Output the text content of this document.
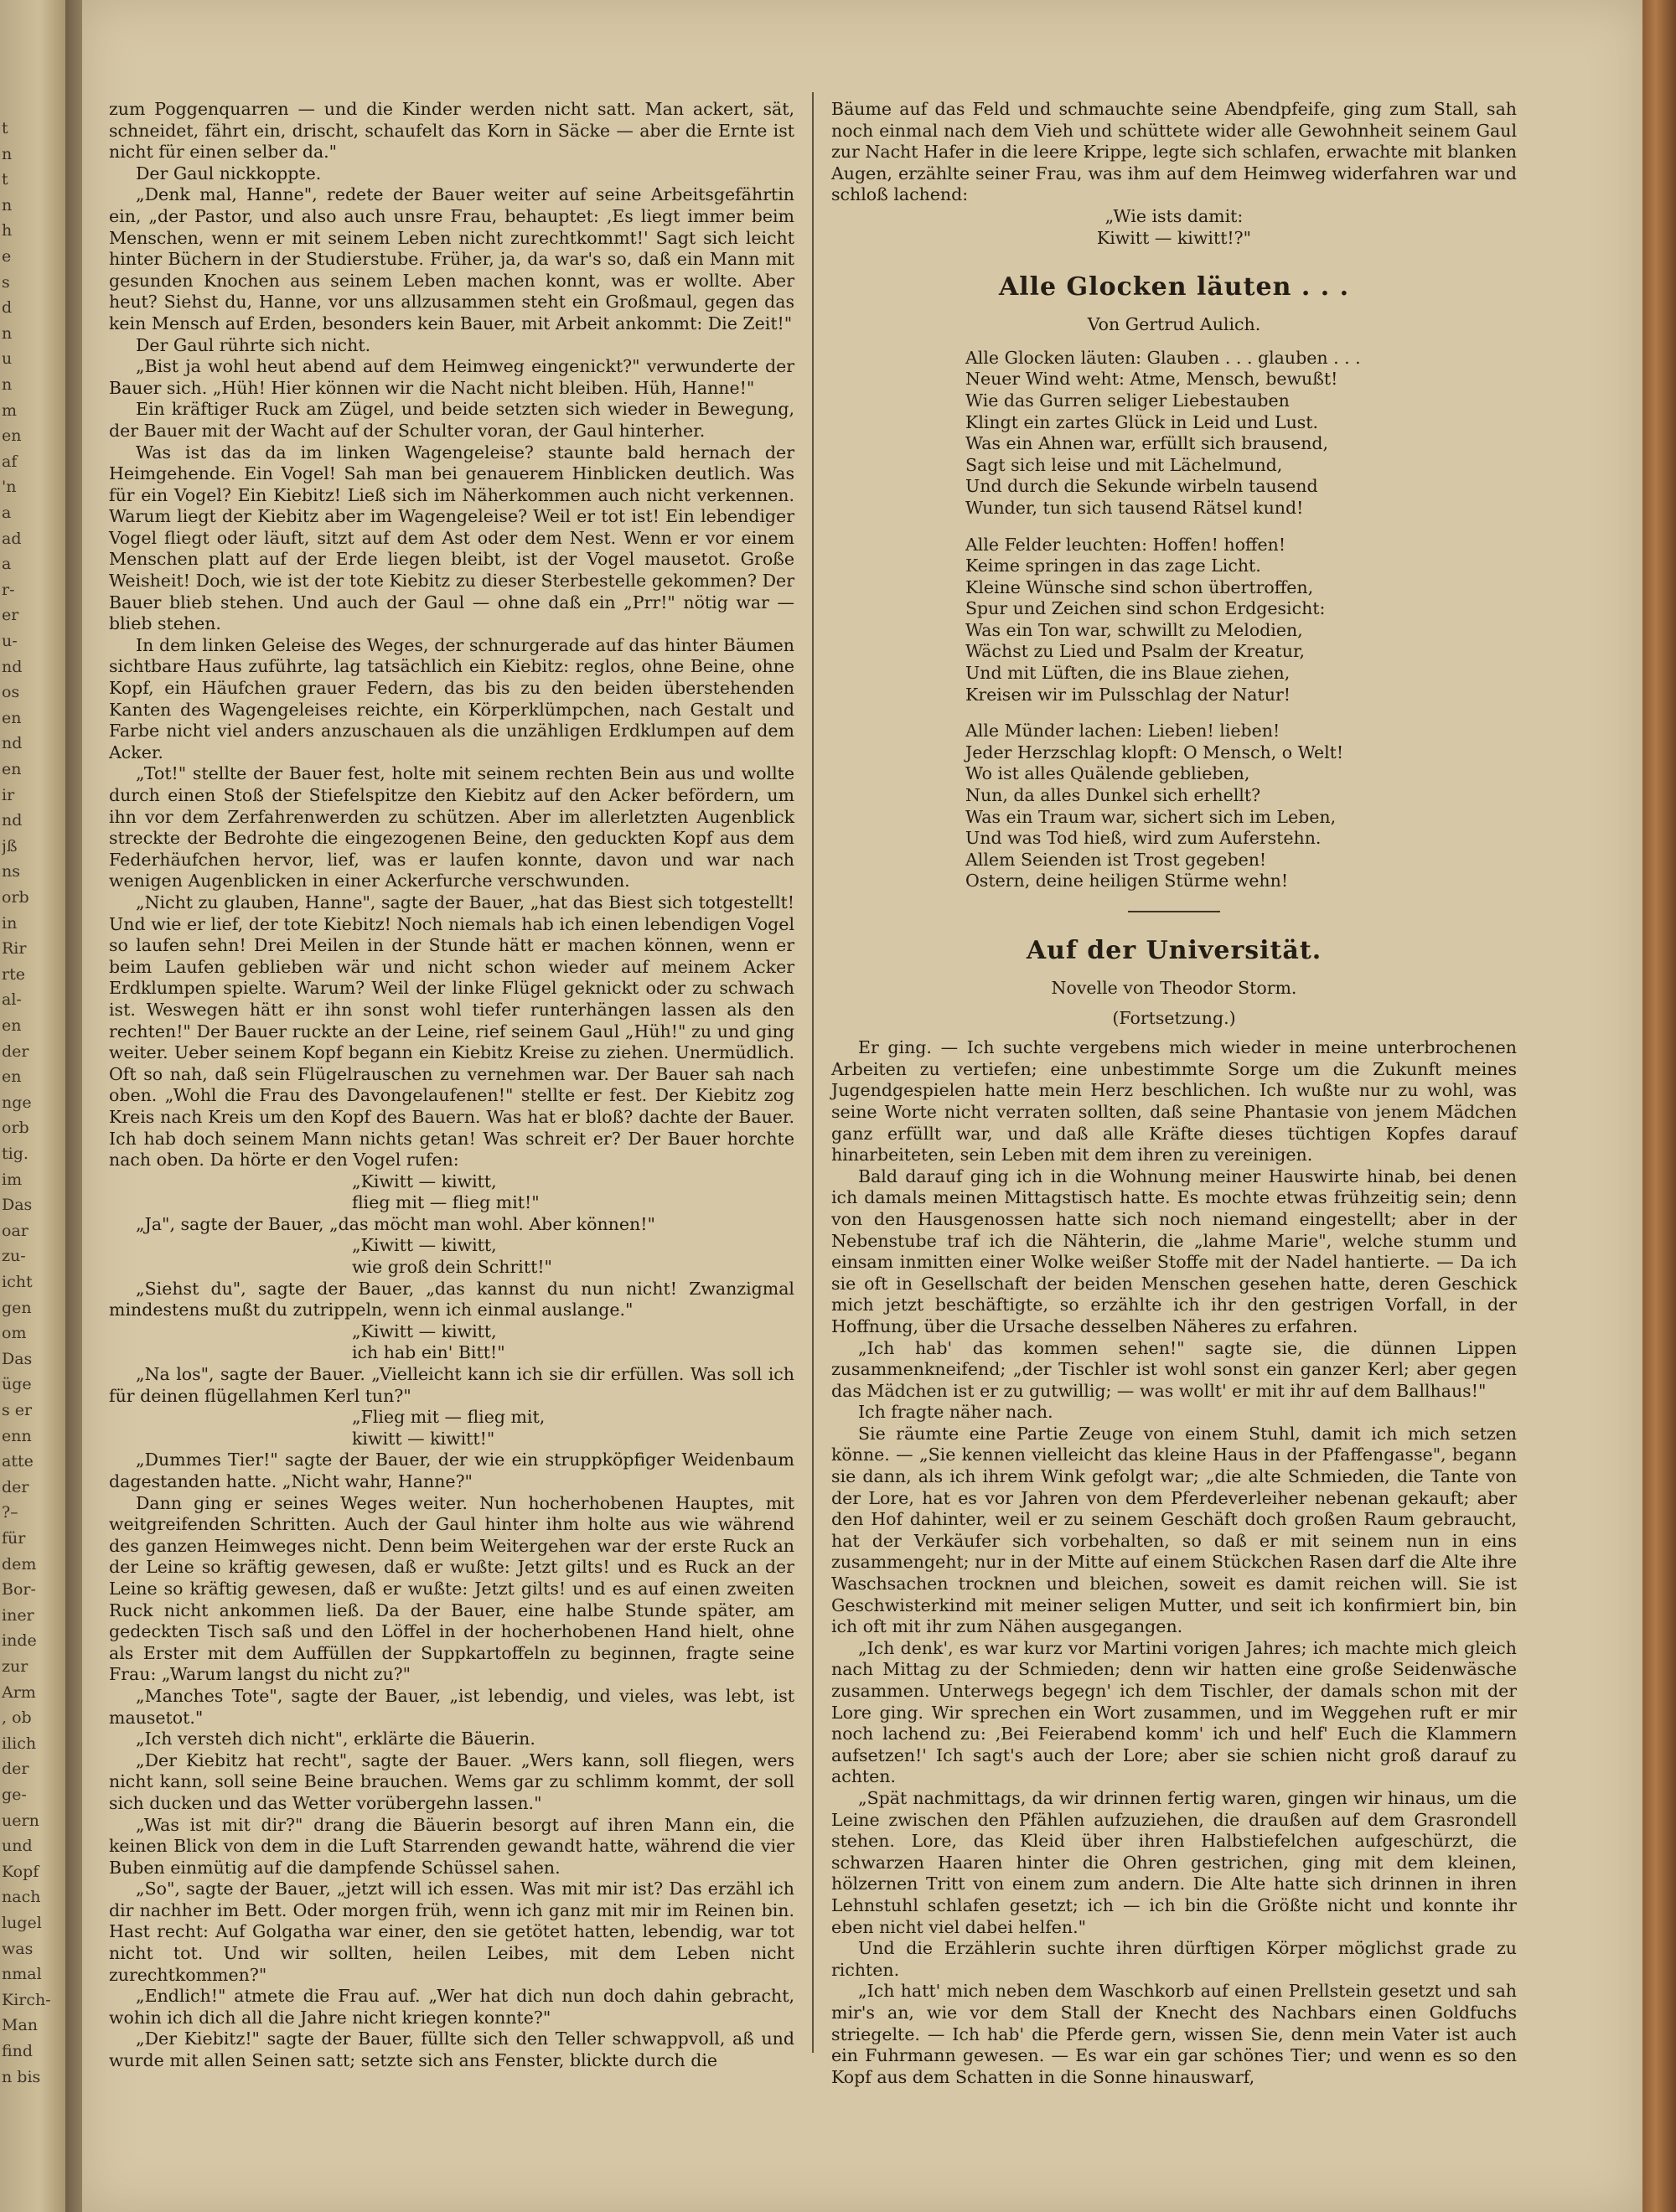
t
n
t
n
h
e
s
d
n
u
n
m
en
af
'n
a
ad
a
r-
er
u-
nd
os
en
nd
en
ir
nd
jß
ns
orb
in
Rir
rte
al-
en
der
en
nge
orb
tig.
im
Das
oar
zu-
icht
gen
om
Das
üge
s er
enn
atte
der
?–
für
dem
Bor-
iner
inde
zur
Arm
, ob
ilich
der
ge-
uern
und
Kopf
nach
lugel
was
nmal
Kirch-
Man
find
n bis

zum Poggenquarren — und die Kinder werden nicht satt. Man ackert, sät, schneidet, fährt ein, drischt, schaufelt das Korn in Säcke — aber die Ernte ist nicht für einen selber da."

Der Gaul nickkoppte.

„Denk mal, Hanne", redete der Bauer weiter auf seine Arbeitsgefährtin ein, „der Pastor, und also auch unsre Frau, behauptet: ‚Es liegt immer beim Menschen, wenn er mit seinem Leben nicht zurechtkommt!' Sagt sich leicht hinter Büchern in der Studierstube. Früher, ja, da war's so, daß ein Mann mit gesunden Knochen aus seinem Leben machen konnt, was er wollte. Aber heut? Siehst du, Hanne, vor uns allzusammen steht ein Großmaul, gegen das kein Mensch auf Erden, besonders kein Bauer, mit Arbeit ankommt: Die Zeit!"

Der Gaul rührte sich nicht.

„Bist ja wohl heut abend auf dem Heimweg eingenickt?" verwunderte der Bauer sich. „Hüh! Hier können wir die Nacht nicht bleiben. Hüh, Hanne!"

Ein kräftiger Ruck am Zügel, und beide setzten sich wieder in Bewegung, der Bauer mit der Wacht auf der Schulter voran, der Gaul hinterher.

Was ist das da im linken Wagengeleise? staunte bald hernach der Heimgehende. Ein Vogel! Sah man bei genauerem Hinblicken deutlich. Was für ein Vogel? Ein Kiebitz! Ließ sich im Näherkommen auch nicht verkennen. Warum liegt der Kiebitz aber im Wagengeleise? Weil er tot ist! Ein lebendiger Vogel fliegt oder läuft, sitzt auf dem Ast oder dem Nest. Wenn er vor einem Menschen platt auf der Erde liegen bleibt, ist der Vogel mausetot. Große Weisheit! Doch, wie ist der tote Kiebitz zu dieser Sterbestelle gekommen? Der Bauer blieb stehen. Und auch der Gaul — ohne daß ein „Prr!" nötig war — blieb stehen.

In dem linken Geleise des Weges, der schnurgerade auf das hinter Bäumen sichtbare Haus zuführte, lag tatsächlich ein Kiebitz: reglos, ohne Beine, ohne Kopf, ein Häufchen grauer Federn, das bis zu den beiden überstehenden Kanten des Wagengeleises reichte, ein Körperklümpchen, nach Gestalt und Farbe nicht viel anders anzuschauen als die unzähligen Erdklumpen auf dem Acker.

„Tot!" stellte der Bauer fest, holte mit seinem rechten Bein aus und wollte durch einen Stoß der Stiefelspitze den Kiebitz auf den Acker befördern, um ihn vor dem Zerfahrenwerden zu schützen. Aber im allerletzten Augenblick streckte der Bedrohte die eingezogenen Beine, den geduckten Kopf aus dem Federhäufchen hervor, lief, was er laufen konnte, davon und war nach wenigen Augenblicken in einer Ackerfurche verschwunden.

„Nicht zu glauben, Hanne", sagte der Bauer, „hat das Biest sich totgestellt! Und wie er lief, der tote Kiebitz! Noch niemals hab ich einen lebendigen Vogel so laufen sehn! Drei Meilen in der Stunde hätt er machen können, wenn er beim Laufen geblieben wär und nicht schon wieder auf meinem Acker Erdklumpen spielte. Warum? Weil der linke Flügel geknickt oder zu schwach ist. Weswegen hätt er ihn sonst wohl tiefer runterhängen lassen als den rechten!" Der Bauer ruckte an der Leine, rief seinem Gaul „Hüh!" zu und ging weiter. Ueber seinem Kopf begann ein Kiebitz Kreise zu ziehen. Unermüdlich. Oft so nah, daß sein Flügelrauschen zu vernehmen war. Der Bauer sah nach oben. „Wohl die Frau des Davongelaufenen!" stellte er fest. Der Kiebitz zog Kreis nach Kreis um den Kopf des Bauern. Was hat er bloß? dachte der Bauer. Ich hab doch seinem Mann nichts getan! Was schreit er? Der Bauer horchte nach oben. Da hörte er den Vogel rufen:

„Kiwitt — kiwitt,

flieg mit — flieg mit!"

„Ja", sagte der Bauer, „das möcht man wohl. Aber können!"

„Kiwitt — kiwitt,

wie groß dein Schritt!"

„Siehst du", sagte der Bauer, „das kannst du nun nicht! Zwanzigmal mindestens mußt du zutrippeln, wenn ich einmal auslange."

„Kiwitt — kiwitt,

ich hab ein' Bitt!"

„Na los", sagte der Bauer. „Vielleicht kann ich sie dir erfüllen. Was soll ich für deinen flügellahmen Kerl tun?"

„Flieg mit — flieg mit,

kiwitt — kiwitt!"

„Dummes Tier!" sagte der Bauer, der wie ein struppköpfiger Weidenbaum dagestanden hatte. „Nicht wahr, Hanne?"

Dann ging er seines Weges weiter. Nun hocherhobenen Hauptes, mit weitgreifenden Schritten. Auch der Gaul hinter ihm holte aus wie während des ganzen Heimweges nicht. Denn beim Weitergehen war der erste Ruck an der Leine so kräftig gewesen, daß er wußte: Jetzt gilts! und es Ruck an der Leine so kräftig gewesen, daß er wußte: Jetzt gilts! und es auf einen zweiten Ruck nicht ankommen ließ. Da der Bauer, eine halbe Stunde später, am gedeckten Tisch saß und den Löffel in der hocherhobenen Hand hielt, ohne als Erster mit dem Auffüllen der Suppkartoffeln zu beginnen, fragte seine Frau: „Warum langst du nicht zu?"

„Manches Tote", sagte der Bauer, „ist lebendig, und vieles, was lebt, ist mausetot."

„Ich versteh dich nicht", erklärte die Bäuerin.

„Der Kiebitz hat recht", sagte der Bauer. „Wers kann, soll fliegen, wers nicht kann, soll seine Beine brauchen. Wems gar zu schlimm kommt, der soll sich ducken und das Wetter vorübergehn lassen."

„Was ist mit dir?" drang die Bäuerin besorgt auf ihren Mann ein, die keinen Blick von dem in die Luft Starrenden gewandt hatte, während die vier Buben einmütig auf die dampfende Schüssel sahen.

„So", sagte der Bauer, „jetzt will ich essen. Was mit mir ist? Das erzähl ich dir nachher im Bett. Oder morgen früh, wenn ich ganz mit mir im Reinen bin. Hast recht: Auf Golgatha war einer, den sie getötet hatten, lebendig, war tot nicht tot. Und wir sollten, heilen Leibes, mit dem Leben nicht zurechtkommen?"

„Endlich!" atmete die Frau auf. „Wer hat dich nun doch dahin gebracht, wohin ich dich all die Jahre nicht kriegen konnte?"

„Der Kiebitz!" sagte der Bauer, füllte sich den Teller schwappvoll, aß und wurde mit allen Seinen satt; setzte sich ans Fenster, blickte durch die

Bäume auf das Feld und schmauchte seine Abendpfeife, ging zum Stall, sah noch einmal nach dem Vieh und schüttete wider alle Gewohnheit seinem Gaul zur Nacht Hafer in die leere Krippe, legte sich schlafen, erwachte mit blanken Augen, erzählte seiner Frau, was ihm auf dem Heimweg widerfahren war und schloß lachend:

„Wie ists damit:

Kiwitt — kiwitt!?"

Alle Glocken läuten . . .
Von Gertrud Aulich.

Alle Glocken läuten: Glauben . . . glauben . . .

Neuer Wind weht: Atme, Mensch, bewußt!

Wie das Gurren seliger Liebestauben

Klingt ein zartes Glück in Leid und Lust.

Was ein Ahnen war, erfüllt sich brausend,

Sagt sich leise und mit Lächelmund,

Und durch die Sekunde wirbeln tausend

Wunder, tun sich tausend Rätsel kund!

Alle Felder leuchten: Hoffen! hoffen!

Keime springen in das zage Licht.

Kleine Wünsche sind schon übertroffen,

Spur und Zeichen sind schon Erdgesicht:

Was ein Ton war, schwillt zu Melodien,

Wächst zu Lied und Psalm der Kreatur,

Und mit Lüften, die ins Blaue ziehen,

Kreisen wir im Pulsschlag der Natur!

Alle Münder lachen: Lieben! lieben!

Jeder Herzschlag klopft: O Mensch, o Welt!

Wo ist alles Quälende geblieben,

Nun, da alles Dunkel sich erhellt?

Was ein Traum war, sichert sich im Leben,

Und was Tod hieß, wird zum Auferstehn.

Allem Seienden ist Trost gegeben!

Ostern, deine heiligen Stürme wehn!

Auf der Universität.
Novelle von Theodor Storm.
(Fortsetzung.)

Er ging. — Ich suchte vergebens mich wieder in meine unterbrochenen Arbeiten zu vertiefen; eine unbestimmte Sorge um die Zukunft meines Jugendgespielen hatte mein Herz beschlichen. Ich wußte nur zu wohl, was seine Worte nicht verraten sollten, daß seine Phantasie von jenem Mädchen ganz erfüllt war, und daß alle Kräfte dieses tüchtigen Kopfes darauf hinarbeiteten, sein Leben mit dem ihren zu vereinigen.

Bald darauf ging ich in die Wohnung meiner Hauswirte hinab, bei denen ich damals meinen Mittagstisch hatte. Es mochte etwas frühzeitig sein; denn von den Hausgenossen hatte sich noch niemand eingestellt; aber in der Nebenstube traf ich die Nähterin, die „lahme Marie", welche stumm und einsam inmitten einer Wolke weißer Stoffe mit der Nadel hantierte. — Da ich sie oft in Gesellschaft der beiden Menschen gesehen hatte, deren Geschick mich jetzt beschäftigte, so erzählte ich ihr den gestrigen Vorfall, in der Hoffnung, über die Ursache desselben Näheres zu erfahren.

„Ich hab' das kommen sehen!" sagte sie, die dünnen Lippen zusammenkneifend; „der Tischler ist wohl sonst ein ganzer Kerl; aber gegen das Mädchen ist er zu gutwillig; — was wollt' er mit ihr auf dem Ballhaus!"

Ich fragte näher nach.

Sie räumte eine Partie Zeuge von einem Stuhl, damit ich mich setzen könne. — „Sie kennen vielleicht das kleine Haus in der Pfaffengasse", begann sie dann, als ich ihrem Wink gefolgt war; „die alte Schmieden, die Tante von der Lore, hat es vor Jahren von dem Pferdeverleiher nebenan gekauft; aber den Hof dahinter, weil er zu seinem Geschäft doch großen Raum gebraucht, hat der Verkäufer sich vorbehalten, so daß er mit seinem nun in eins zusammengeht; nur in der Mitte auf einem Stückchen Rasen darf die Alte ihre Waschsachen trocknen und bleichen, soweit es damit reichen will. Sie ist Geschwisterkind mit meiner seligen Mutter, und seit ich konfirmiert bin, bin ich oft mit ihr zum Nähen ausgegangen.

„Ich denk', es war kurz vor Martini vorigen Jahres; ich machte mich gleich nach Mittag zu der Schmieden; denn wir hatten eine große Seidenwäsche zusammen. Unterwegs begegn' ich dem Tischler, der damals schon mit der Lore ging. Wir sprechen ein Wort zusammen, und im Weggehen ruft er mir noch lachend zu: ‚Bei Feierabend komm' ich und helf' Euch die Klammern aufsetzen!' Ich sagt's auch der Lore; aber sie schien nicht groß darauf zu achten.

„Spät nachmittags, da wir drinnen fertig waren, gingen wir hinaus, um die Leine zwischen den Pfählen aufzuziehen, die draußen auf dem Grasrondell stehen. Lore, das Kleid über ihren Halbstiefelchen aufgeschürzt, die schwarzen Haaren hinter die Ohren gestrichen, ging mit dem kleinen, hölzernen Tritt von einem zum andern. Die Alte hatte sich drinnen in ihren Lehnstuhl schlafen gesetzt; ich — ich bin die Größte nicht und konnte ihr eben nicht viel dabei helfen."

Und die Erzählerin suchte ihren dürftigen Körper möglichst grade zu richten.

„Ich hatt' mich neben dem Waschkorb auf einen Prellstein gesetzt und sah mir's an, wie vor dem Stall der Knecht des Nachbars einen Goldfuchs striegelte. — Ich hab' die Pferde gern, wissen Sie, denn mein Vater ist auch ein Fuhrmann gewesen. — Es war ein gar schönes Tier; und wenn es so den Kopf aus dem Schatten in die Sonne hinauswarf,
